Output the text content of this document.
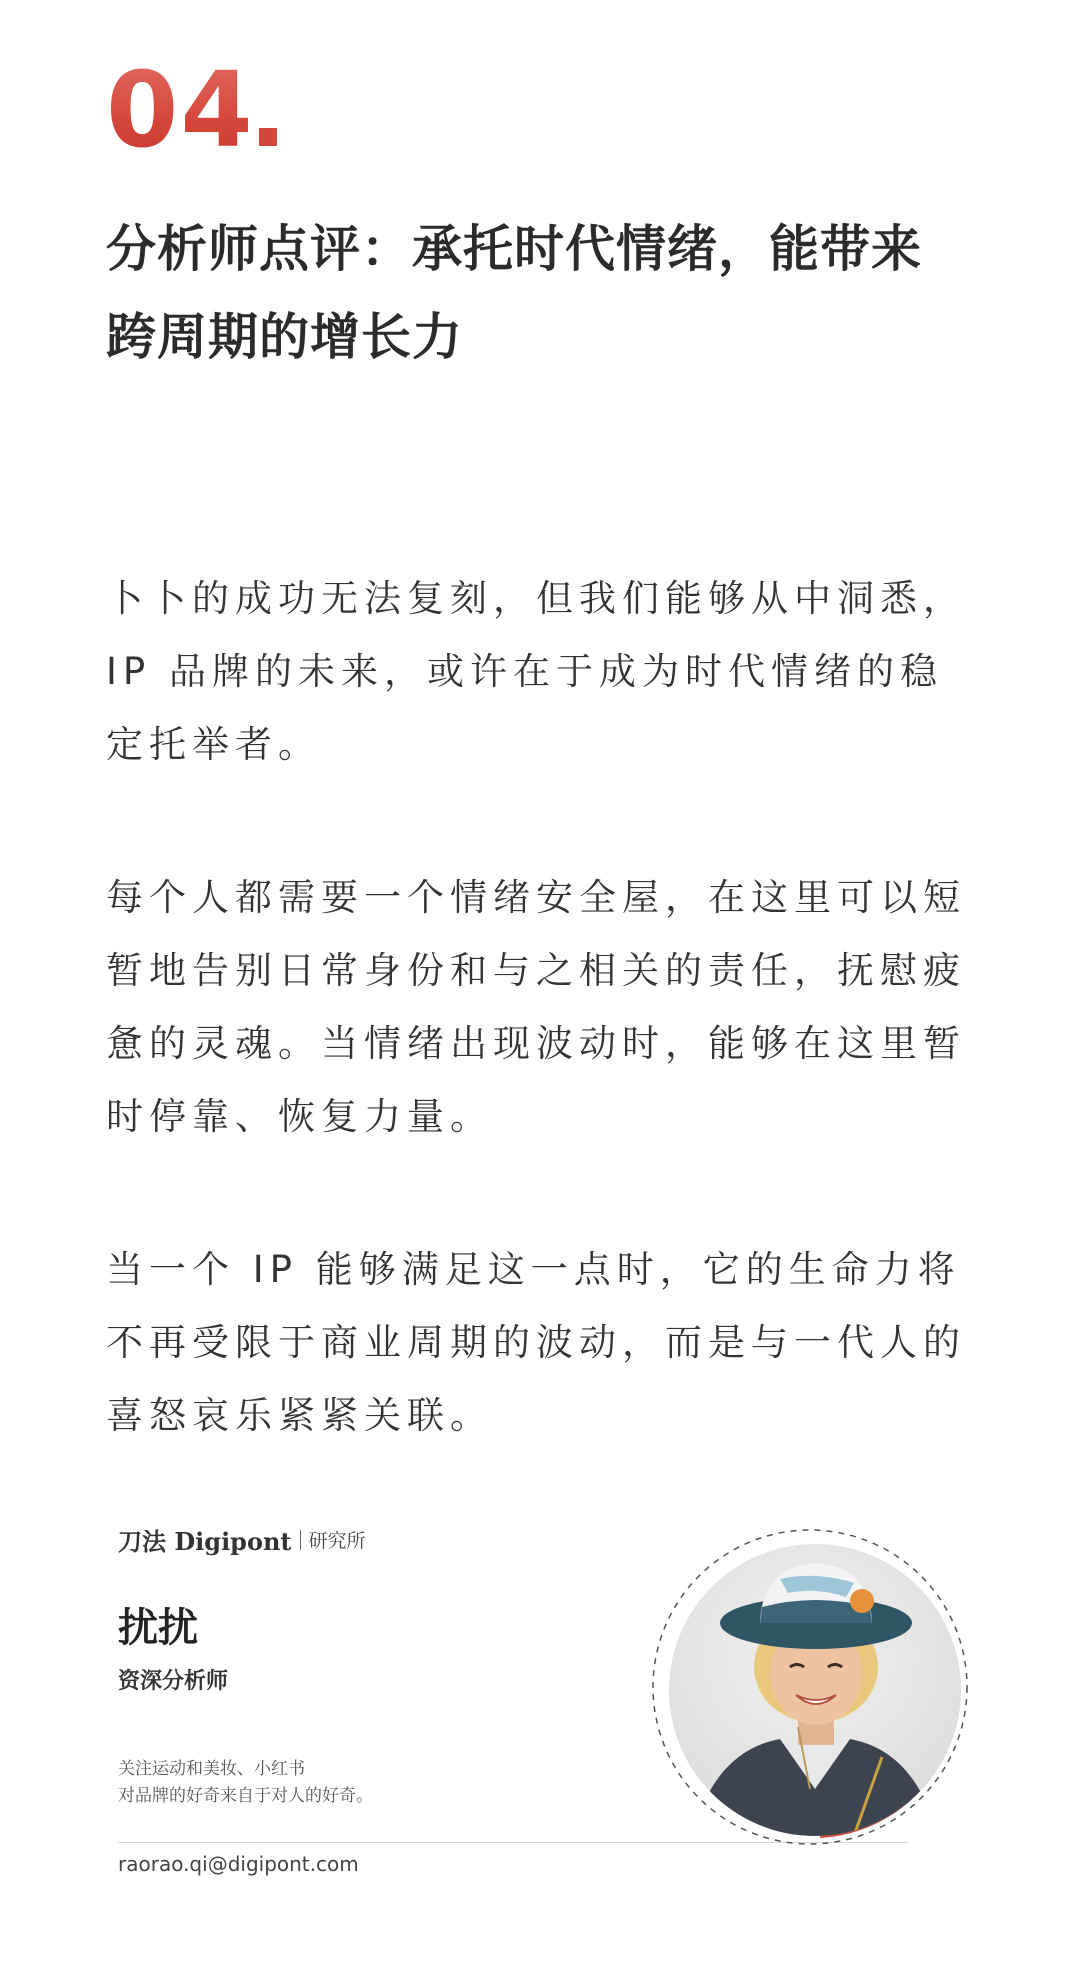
04
分析师点评：承托时代情绪，能带来
跨周期的增长力
卜卜的成功无法复刻，但我们能够从中洞悉，
IP 品牌的未来，或许在于成为时代情绪的稳
定托举者。
每个人都需要一个情绪安全屋，在这里可以短
暂地告别日常身份和与之相关的责任，抚慰疲
惫的灵魂。当情绪出现波动时，能够在这里暂
时停靠、恢复力量。
当一个 IP 能够满足这一点时，它的生命力将
不再受限于商业周期的波动，而是与一代人的
喜怒哀乐紧紧关联。
刀法 Digipont 研究所
扰扰
资深分析师
关注运动和美妆、小红书
对品牌的好奇来自于对人的好奇。
raorao.qi@digipont.com
